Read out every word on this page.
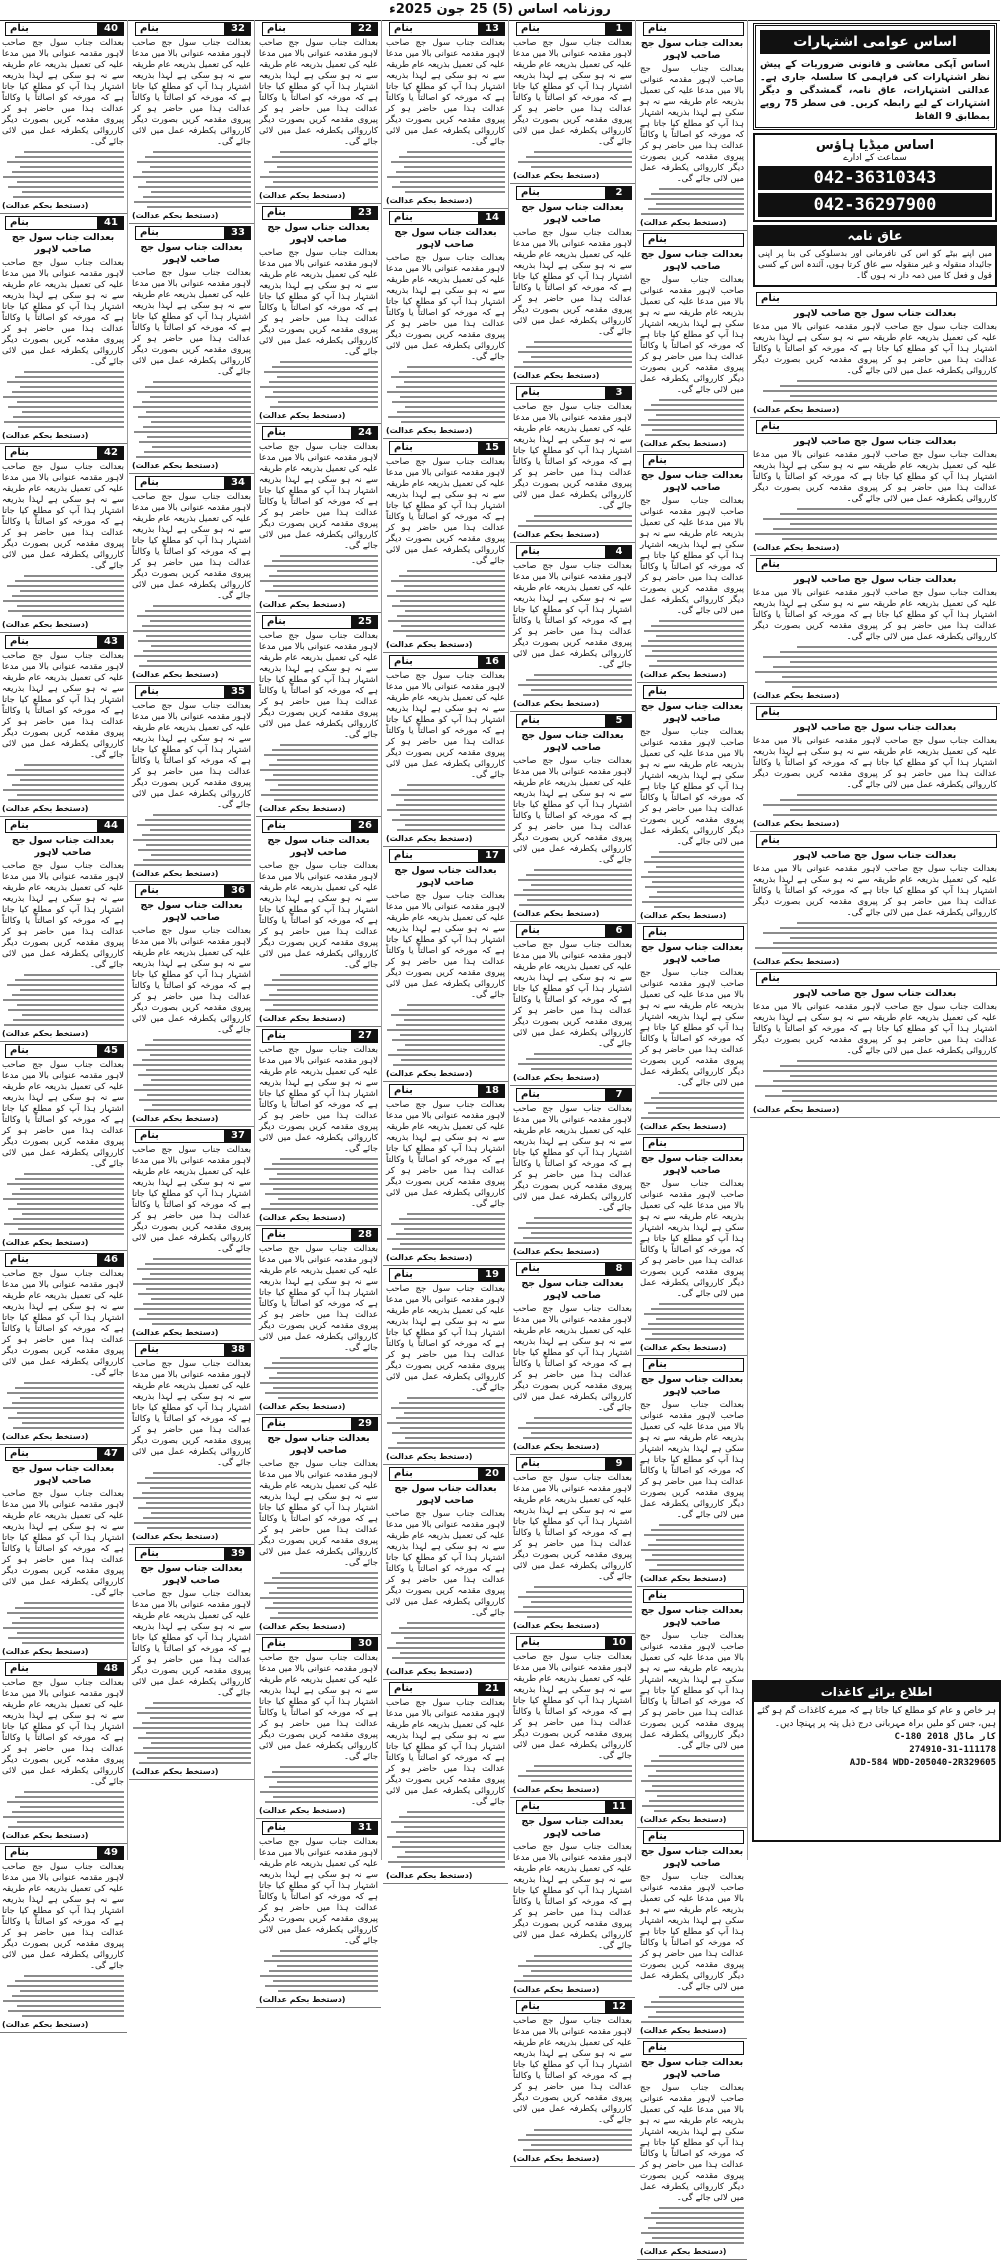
روزنامہ اساس (5) 25 جون 2025ء
اساس عوامی اشتہارات
اساس آپکی معاشی و قانونی ضروریات کے پیش نظر اشتہارات کی فراہمی کا سلسلہ جاری ہے۔ عدالتی اشتہارات، عاق نامہ، گمشدگی و دیگر اشتہارات کے لیے رابطہ کریں۔ فی سطر 75 روپے بمطابق 9 الفاظ
اساس میڈیا ہاؤس
سماعت کے ادارے
042-36310343
042-36297900
عاق نامہ
میں اپنے بیٹے کو اس کی نافرمانی اور بدسلوکی کی بنا پر اپنی جائیداد منقولہ و غیر منقولہ سے عاق کرتا ہوں، آئندہ اس کے کسی قول و فعل کا میں ذمہ دار نہ ہوں گا۔
بنام
بعدالت جناب سول جج صاحب لاہور
بعدالت جناب سول جج صاحب لاہور مقدمہ عنوانی بالا میں مدعا علیہ کی تعمیل بذریعہ عام طریقہ سے نہ ہو سکی ہے لہذا بذریعہ اشتہار ہذا آپ کو مطلع کیا جاتا ہے کہ مورخہ کو اصالتاً یا وکالتاً عدالت ہذا میں حاضر ہو کر پیروی مقدمہ کریں بصورت دیگر کارروائی یکطرفہ عمل میں لائی جائے گی۔
(دستخط بحکم عدالت)
بنام
بعدالت جناب سول جج صاحب لاہور
بعدالت جناب سول جج صاحب لاہور مقدمہ عنوانی بالا میں مدعا علیہ کی تعمیل بذریعہ عام طریقہ سے نہ ہو سکی ہے لہذا بذریعہ اشتہار ہذا آپ کو مطلع کیا جاتا ہے کہ مورخہ کو اصالتاً یا وکالتاً عدالت ہذا میں حاضر ہو کر پیروی مقدمہ کریں بصورت دیگر کارروائی یکطرفہ عمل میں لائی جائے گی۔
(دستخط بحکم عدالت)
بنام
بعدالت جناب سول جج صاحب لاہور
بعدالت جناب سول جج صاحب لاہور مقدمہ عنوانی بالا میں مدعا علیہ کی تعمیل بذریعہ عام طریقہ سے نہ ہو سکی ہے لہذا بذریعہ اشتہار ہذا آپ کو مطلع کیا جاتا ہے کہ مورخہ کو اصالتاً یا وکالتاً عدالت ہذا میں حاضر ہو کر پیروی مقدمہ کریں بصورت دیگر کارروائی یکطرفہ عمل میں لائی جائے گی۔
(دستخط بحکم عدالت)
بنام
بعدالت جناب سول جج صاحب لاہور
بعدالت جناب سول جج صاحب لاہور مقدمہ عنوانی بالا میں مدعا علیہ کی تعمیل بذریعہ عام طریقہ سے نہ ہو سکی ہے لہذا بذریعہ اشتہار ہذا آپ کو مطلع کیا جاتا ہے کہ مورخہ کو اصالتاً یا وکالتاً عدالت ہذا میں حاضر ہو کر پیروی مقدمہ کریں بصورت دیگر کارروائی یکطرفہ عمل میں لائی جائے گی۔
(دستخط بحکم عدالت)
بنام
بعدالت جناب سول جج صاحب لاہور
بعدالت جناب سول جج صاحب لاہور مقدمہ عنوانی بالا میں مدعا علیہ کی تعمیل بذریعہ عام طریقہ سے نہ ہو سکی ہے لہذا بذریعہ اشتہار ہذا آپ کو مطلع کیا جاتا ہے کہ مورخہ کو اصالتاً یا وکالتاً عدالت ہذا میں حاضر ہو کر پیروی مقدمہ کریں بصورت دیگر کارروائی یکطرفہ عمل میں لائی جائے گی۔
(دستخط بحکم عدالت)
بنام
بعدالت جناب سول جج صاحب لاہور
بعدالت جناب سول جج صاحب لاہور مقدمہ عنوانی بالا میں مدعا علیہ کی تعمیل بذریعہ عام طریقہ سے نہ ہو سکی ہے لہذا بذریعہ اشتہار ہذا آپ کو مطلع کیا جاتا ہے کہ مورخہ کو اصالتاً یا وکالتاً عدالت ہذا میں حاضر ہو کر پیروی مقدمہ کریں بصورت دیگر کارروائی یکطرفہ عمل میں لائی جائے گی۔
(دستخط بحکم عدالت)
بنام
بعدالت جناب سول جج صاحب لاہور
بعدالت جناب سول جج صاحب لاہور مقدمہ عنوانی بالا میں مدعا علیہ کی تعمیل بذریعہ عام طریقہ سے نہ ہو سکی ہے لہذا بذریعہ اشتہار ہذا آپ کو مطلع کیا جاتا ہے کہ مورخہ کو اصالتاً یا وکالتاً عدالت ہذا میں حاضر ہو کر پیروی مقدمہ کریں بصورت دیگر کارروائی یکطرفہ عمل میں لائی جائے گی۔
(دستخط بحکم عدالت)
بنام
بعدالت جناب سول جج صاحب لاہور
بعدالت جناب سول جج صاحب لاہور مقدمہ عنوانی بالا میں مدعا علیہ کی تعمیل بذریعہ عام طریقہ سے نہ ہو سکی ہے لہذا بذریعہ اشتہار ہذا آپ کو مطلع کیا جاتا ہے کہ مورخہ کو اصالتاً یا وکالتاً عدالت ہذا میں حاضر ہو کر پیروی مقدمہ کریں بصورت دیگر کارروائی یکطرفہ عمل میں لائی جائے گی۔
(دستخط بحکم عدالت)
بنام
بعدالت جناب سول جج صاحب لاہور
بعدالت جناب سول جج صاحب لاہور مقدمہ عنوانی بالا میں مدعا علیہ کی تعمیل بذریعہ عام طریقہ سے نہ ہو سکی ہے لہذا بذریعہ اشتہار ہذا آپ کو مطلع کیا جاتا ہے کہ مورخہ کو اصالتاً یا وکالتاً عدالت ہذا میں حاضر ہو کر پیروی مقدمہ کریں بصورت دیگر کارروائی یکطرفہ عمل میں لائی جائے گی۔
(دستخط بحکم عدالت)
بنام
بعدالت جناب سول جج صاحب لاہور
بعدالت جناب سول جج صاحب لاہور مقدمہ عنوانی بالا میں مدعا علیہ کی تعمیل بذریعہ عام طریقہ سے نہ ہو سکی ہے لہذا بذریعہ اشتہار ہذا آپ کو مطلع کیا جاتا ہے کہ مورخہ کو اصالتاً یا وکالتاً عدالت ہذا میں حاضر ہو کر پیروی مقدمہ کریں بصورت دیگر کارروائی یکطرفہ عمل میں لائی جائے گی۔
(دستخط بحکم عدالت)
بنام
بعدالت جناب سول جج صاحب لاہور
بعدالت جناب سول جج صاحب لاہور مقدمہ عنوانی بالا میں مدعا علیہ کی تعمیل بذریعہ عام طریقہ سے نہ ہو سکی ہے لہذا بذریعہ اشتہار ہذا آپ کو مطلع کیا جاتا ہے کہ مورخہ کو اصالتاً یا وکالتاً عدالت ہذا میں حاضر ہو کر پیروی مقدمہ کریں بصورت دیگر کارروائی یکطرفہ عمل میں لائی جائے گی۔
(دستخط بحکم عدالت)
بنام
بعدالت جناب سول جج صاحب لاہور
بعدالت جناب سول جج صاحب لاہور مقدمہ عنوانی بالا میں مدعا علیہ کی تعمیل بذریعہ عام طریقہ سے نہ ہو سکی ہے لہذا بذریعہ اشتہار ہذا آپ کو مطلع کیا جاتا ہے کہ مورخہ کو اصالتاً یا وکالتاً عدالت ہذا میں حاضر ہو کر پیروی مقدمہ کریں بصورت دیگر کارروائی یکطرفہ عمل میں لائی جائے گی۔
(دستخط بحکم عدالت)
بنام
بعدالت جناب سول جج صاحب لاہور
بعدالت جناب سول جج صاحب لاہور مقدمہ عنوانی بالا میں مدعا علیہ کی تعمیل بذریعہ عام طریقہ سے نہ ہو سکی ہے لہذا بذریعہ اشتہار ہذا آپ کو مطلع کیا جاتا ہے کہ مورخہ کو اصالتاً یا وکالتاً عدالت ہذا میں حاضر ہو کر پیروی مقدمہ کریں بصورت دیگر کارروائی یکطرفہ عمل میں لائی جائے گی۔
(دستخط بحکم عدالت)
بنام
بعدالت جناب سول جج صاحب لاہور
بعدالت جناب سول جج صاحب لاہور مقدمہ عنوانی بالا میں مدعا علیہ کی تعمیل بذریعہ عام طریقہ سے نہ ہو سکی ہے لہذا بذریعہ اشتہار ہذا آپ کو مطلع کیا جاتا ہے کہ مورخہ کو اصالتاً یا وکالتاً عدالت ہذا میں حاضر ہو کر پیروی مقدمہ کریں بصورت دیگر کارروائی یکطرفہ عمل میں لائی جائے گی۔
(دستخط بحکم عدالت)
بنام
بعدالت جناب سول جج صاحب لاہور
بعدالت جناب سول جج صاحب لاہور مقدمہ عنوانی بالا میں مدعا علیہ کی تعمیل بذریعہ عام طریقہ سے نہ ہو سکی ہے لہذا بذریعہ اشتہار ہذا آپ کو مطلع کیا جاتا ہے کہ مورخہ کو اصالتاً یا وکالتاً عدالت ہذا میں حاضر ہو کر پیروی مقدمہ کریں بصورت دیگر کارروائی یکطرفہ عمل میں لائی جائے گی۔
(دستخط بحکم عدالت)
بنام
بعدالت جناب سول جج صاحب لاہور
بعدالت جناب سول جج صاحب لاہور مقدمہ عنوانی بالا میں مدعا علیہ کی تعمیل بذریعہ عام طریقہ سے نہ ہو سکی ہے لہذا بذریعہ اشتہار ہذا آپ کو مطلع کیا جاتا ہے کہ مورخہ کو اصالتاً یا وکالتاً عدالت ہذا میں حاضر ہو کر پیروی مقدمہ کریں بصورت دیگر کارروائی یکطرفہ عمل میں لائی جائے گی۔
(دستخط بحکم عدالت)
1
بنام
بعدالت جناب سول جج صاحب لاہور مقدمہ عنوانی بالا میں مدعا علیہ کی تعمیل بذریعہ عام طریقہ سے نہ ہو سکی ہے لہذا بذریعہ اشتہار ہذا آپ کو مطلع کیا جاتا ہے کہ مورخہ کو اصالتاً یا وکالتاً عدالت ہذا میں حاضر ہو کر پیروی مقدمہ کریں بصورت دیگر کارروائی یکطرفہ عمل میں لائی جائے گی۔
(دستخط بحکم عدالت)
2
بنام
بعدالت جناب سول جج صاحب لاہور
بعدالت جناب سول جج صاحب لاہور مقدمہ عنوانی بالا میں مدعا علیہ کی تعمیل بذریعہ عام طریقہ سے نہ ہو سکی ہے لہذا بذریعہ اشتہار ہذا آپ کو مطلع کیا جاتا ہے کہ مورخہ کو اصالتاً یا وکالتاً عدالت ہذا میں حاضر ہو کر پیروی مقدمہ کریں بصورت دیگر کارروائی یکطرفہ عمل میں لائی جائے گی۔
(دستخط بحکم عدالت)
3
بنام
بعدالت جناب سول جج صاحب لاہور مقدمہ عنوانی بالا میں مدعا علیہ کی تعمیل بذریعہ عام طریقہ سے نہ ہو سکی ہے لہذا بذریعہ اشتہار ہذا آپ کو مطلع کیا جاتا ہے کہ مورخہ کو اصالتاً یا وکالتاً عدالت ہذا میں حاضر ہو کر پیروی مقدمہ کریں بصورت دیگر کارروائی یکطرفہ عمل میں لائی جائے گی۔
(دستخط بحکم عدالت)
4
بنام
بعدالت جناب سول جج صاحب لاہور مقدمہ عنوانی بالا میں مدعا علیہ کی تعمیل بذریعہ عام طریقہ سے نہ ہو سکی ہے لہذا بذریعہ اشتہار ہذا آپ کو مطلع کیا جاتا ہے کہ مورخہ کو اصالتاً یا وکالتاً عدالت ہذا میں حاضر ہو کر پیروی مقدمہ کریں بصورت دیگر کارروائی یکطرفہ عمل میں لائی جائے گی۔
(دستخط بحکم عدالت)
5
بنام
بعدالت جناب سول جج صاحب لاہور
بعدالت جناب سول جج صاحب لاہور مقدمہ عنوانی بالا میں مدعا علیہ کی تعمیل بذریعہ عام طریقہ سے نہ ہو سکی ہے لہذا بذریعہ اشتہار ہذا آپ کو مطلع کیا جاتا ہے کہ مورخہ کو اصالتاً یا وکالتاً عدالت ہذا میں حاضر ہو کر پیروی مقدمہ کریں بصورت دیگر کارروائی یکطرفہ عمل میں لائی جائے گی۔
(دستخط بحکم عدالت)
6
بنام
بعدالت جناب سول جج صاحب لاہور مقدمہ عنوانی بالا میں مدعا علیہ کی تعمیل بذریعہ عام طریقہ سے نہ ہو سکی ہے لہذا بذریعہ اشتہار ہذا آپ کو مطلع کیا جاتا ہے کہ مورخہ کو اصالتاً یا وکالتاً عدالت ہذا میں حاضر ہو کر پیروی مقدمہ کریں بصورت دیگر کارروائی یکطرفہ عمل میں لائی جائے گی۔
(دستخط بحکم عدالت)
7
بنام
بعدالت جناب سول جج صاحب لاہور مقدمہ عنوانی بالا میں مدعا علیہ کی تعمیل بذریعہ عام طریقہ سے نہ ہو سکی ہے لہذا بذریعہ اشتہار ہذا آپ کو مطلع کیا جاتا ہے کہ مورخہ کو اصالتاً یا وکالتاً عدالت ہذا میں حاضر ہو کر پیروی مقدمہ کریں بصورت دیگر کارروائی یکطرفہ عمل میں لائی جائے گی۔
(دستخط بحکم عدالت)
8
بنام
بعدالت جناب سول جج صاحب لاہور
بعدالت جناب سول جج صاحب لاہور مقدمہ عنوانی بالا میں مدعا علیہ کی تعمیل بذریعہ عام طریقہ سے نہ ہو سکی ہے لہذا بذریعہ اشتہار ہذا آپ کو مطلع کیا جاتا ہے کہ مورخہ کو اصالتاً یا وکالتاً عدالت ہذا میں حاضر ہو کر پیروی مقدمہ کریں بصورت دیگر کارروائی یکطرفہ عمل میں لائی جائے گی۔
(دستخط بحکم عدالت)
9
بنام
بعدالت جناب سول جج صاحب لاہور مقدمہ عنوانی بالا میں مدعا علیہ کی تعمیل بذریعہ عام طریقہ سے نہ ہو سکی ہے لہذا بذریعہ اشتہار ہذا آپ کو مطلع کیا جاتا ہے کہ مورخہ کو اصالتاً یا وکالتاً عدالت ہذا میں حاضر ہو کر پیروی مقدمہ کریں بصورت دیگر کارروائی یکطرفہ عمل میں لائی جائے گی۔
(دستخط بحکم عدالت)
10
بنام
بعدالت جناب سول جج صاحب لاہور مقدمہ عنوانی بالا میں مدعا علیہ کی تعمیل بذریعہ عام طریقہ سے نہ ہو سکی ہے لہذا بذریعہ اشتہار ہذا آپ کو مطلع کیا جاتا ہے کہ مورخہ کو اصالتاً یا وکالتاً عدالت ہذا میں حاضر ہو کر پیروی مقدمہ کریں بصورت دیگر کارروائی یکطرفہ عمل میں لائی جائے گی۔
(دستخط بحکم عدالت)
11
بنام
بعدالت جناب سول جج صاحب لاہور
بعدالت جناب سول جج صاحب لاہور مقدمہ عنوانی بالا میں مدعا علیہ کی تعمیل بذریعہ عام طریقہ سے نہ ہو سکی ہے لہذا بذریعہ اشتہار ہذا آپ کو مطلع کیا جاتا ہے کہ مورخہ کو اصالتاً یا وکالتاً عدالت ہذا میں حاضر ہو کر پیروی مقدمہ کریں بصورت دیگر کارروائی یکطرفہ عمل میں لائی جائے گی۔
(دستخط بحکم عدالت)
12
بنام
بعدالت جناب سول جج صاحب لاہور مقدمہ عنوانی بالا میں مدعا علیہ کی تعمیل بذریعہ عام طریقہ سے نہ ہو سکی ہے لہذا بذریعہ اشتہار ہذا آپ کو مطلع کیا جاتا ہے کہ مورخہ کو اصالتاً یا وکالتاً عدالت ہذا میں حاضر ہو کر پیروی مقدمہ کریں بصورت دیگر کارروائی یکطرفہ عمل میں لائی جائے گی۔
(دستخط بحکم عدالت)
13
بنام
بعدالت جناب سول جج صاحب لاہور مقدمہ عنوانی بالا میں مدعا علیہ کی تعمیل بذریعہ عام طریقہ سے نہ ہو سکی ہے لہذا بذریعہ اشتہار ہذا آپ کو مطلع کیا جاتا ہے کہ مورخہ کو اصالتاً یا وکالتاً عدالت ہذا میں حاضر ہو کر پیروی مقدمہ کریں بصورت دیگر کارروائی یکطرفہ عمل میں لائی جائے گی۔
(دستخط بحکم عدالت)
14
بنام
بعدالت جناب سول جج صاحب لاہور
بعدالت جناب سول جج صاحب لاہور مقدمہ عنوانی بالا میں مدعا علیہ کی تعمیل بذریعہ عام طریقہ سے نہ ہو سکی ہے لہذا بذریعہ اشتہار ہذا آپ کو مطلع کیا جاتا ہے کہ مورخہ کو اصالتاً یا وکالتاً عدالت ہذا میں حاضر ہو کر پیروی مقدمہ کریں بصورت دیگر کارروائی یکطرفہ عمل میں لائی جائے گی۔
(دستخط بحکم عدالت)
15
بنام
بعدالت جناب سول جج صاحب لاہور مقدمہ عنوانی بالا میں مدعا علیہ کی تعمیل بذریعہ عام طریقہ سے نہ ہو سکی ہے لہذا بذریعہ اشتہار ہذا آپ کو مطلع کیا جاتا ہے کہ مورخہ کو اصالتاً یا وکالتاً عدالت ہذا میں حاضر ہو کر پیروی مقدمہ کریں بصورت دیگر کارروائی یکطرفہ عمل میں لائی جائے گی۔
(دستخط بحکم عدالت)
16
بنام
بعدالت جناب سول جج صاحب لاہور مقدمہ عنوانی بالا میں مدعا علیہ کی تعمیل بذریعہ عام طریقہ سے نہ ہو سکی ہے لہذا بذریعہ اشتہار ہذا آپ کو مطلع کیا جاتا ہے کہ مورخہ کو اصالتاً یا وکالتاً عدالت ہذا میں حاضر ہو کر پیروی مقدمہ کریں بصورت دیگر کارروائی یکطرفہ عمل میں لائی جائے گی۔
(دستخط بحکم عدالت)
17
بنام
بعدالت جناب سول جج صاحب لاہور
بعدالت جناب سول جج صاحب لاہور مقدمہ عنوانی بالا میں مدعا علیہ کی تعمیل بذریعہ عام طریقہ سے نہ ہو سکی ہے لہذا بذریعہ اشتہار ہذا آپ کو مطلع کیا جاتا ہے کہ مورخہ کو اصالتاً یا وکالتاً عدالت ہذا میں حاضر ہو کر پیروی مقدمہ کریں بصورت دیگر کارروائی یکطرفہ عمل میں لائی جائے گی۔
(دستخط بحکم عدالت)
18
بنام
بعدالت جناب سول جج صاحب لاہور مقدمہ عنوانی بالا میں مدعا علیہ کی تعمیل بذریعہ عام طریقہ سے نہ ہو سکی ہے لہذا بذریعہ اشتہار ہذا آپ کو مطلع کیا جاتا ہے کہ مورخہ کو اصالتاً یا وکالتاً عدالت ہذا میں حاضر ہو کر پیروی مقدمہ کریں بصورت دیگر کارروائی یکطرفہ عمل میں لائی جائے گی۔
(دستخط بحکم عدالت)
19
بنام
بعدالت جناب سول جج صاحب لاہور مقدمہ عنوانی بالا میں مدعا علیہ کی تعمیل بذریعہ عام طریقہ سے نہ ہو سکی ہے لہذا بذریعہ اشتہار ہذا آپ کو مطلع کیا جاتا ہے کہ مورخہ کو اصالتاً یا وکالتاً عدالت ہذا میں حاضر ہو کر پیروی مقدمہ کریں بصورت دیگر کارروائی یکطرفہ عمل میں لائی جائے گی۔
(دستخط بحکم عدالت)
20
بنام
بعدالت جناب سول جج صاحب لاہور
بعدالت جناب سول جج صاحب لاہور مقدمہ عنوانی بالا میں مدعا علیہ کی تعمیل بذریعہ عام طریقہ سے نہ ہو سکی ہے لہذا بذریعہ اشتہار ہذا آپ کو مطلع کیا جاتا ہے کہ مورخہ کو اصالتاً یا وکالتاً عدالت ہذا میں حاضر ہو کر پیروی مقدمہ کریں بصورت دیگر کارروائی یکطرفہ عمل میں لائی جائے گی۔
(دستخط بحکم عدالت)
21
بنام
بعدالت جناب سول جج صاحب لاہور مقدمہ عنوانی بالا میں مدعا علیہ کی تعمیل بذریعہ عام طریقہ سے نہ ہو سکی ہے لہذا بذریعہ اشتہار ہذا آپ کو مطلع کیا جاتا ہے کہ مورخہ کو اصالتاً یا وکالتاً عدالت ہذا میں حاضر ہو کر پیروی مقدمہ کریں بصورت دیگر کارروائی یکطرفہ عمل میں لائی جائے گی۔
(دستخط بحکم عدالت)
22
بنام
بعدالت جناب سول جج صاحب لاہور مقدمہ عنوانی بالا میں مدعا علیہ کی تعمیل بذریعہ عام طریقہ سے نہ ہو سکی ہے لہذا بذریعہ اشتہار ہذا آپ کو مطلع کیا جاتا ہے کہ مورخہ کو اصالتاً یا وکالتاً عدالت ہذا میں حاضر ہو کر پیروی مقدمہ کریں بصورت دیگر کارروائی یکطرفہ عمل میں لائی جائے گی۔
(دستخط بحکم عدالت)
23
بنام
بعدالت جناب سول جج صاحب لاہور
بعدالت جناب سول جج صاحب لاہور مقدمہ عنوانی بالا میں مدعا علیہ کی تعمیل بذریعہ عام طریقہ سے نہ ہو سکی ہے لہذا بذریعہ اشتہار ہذا آپ کو مطلع کیا جاتا ہے کہ مورخہ کو اصالتاً یا وکالتاً عدالت ہذا میں حاضر ہو کر پیروی مقدمہ کریں بصورت دیگر کارروائی یکطرفہ عمل میں لائی جائے گی۔
(دستخط بحکم عدالت)
24
بنام
بعدالت جناب سول جج صاحب لاہور مقدمہ عنوانی بالا میں مدعا علیہ کی تعمیل بذریعہ عام طریقہ سے نہ ہو سکی ہے لہذا بذریعہ اشتہار ہذا آپ کو مطلع کیا جاتا ہے کہ مورخہ کو اصالتاً یا وکالتاً عدالت ہذا میں حاضر ہو کر پیروی مقدمہ کریں بصورت دیگر کارروائی یکطرفہ عمل میں لائی جائے گی۔
(دستخط بحکم عدالت)
25
بنام
بعدالت جناب سول جج صاحب لاہور مقدمہ عنوانی بالا میں مدعا علیہ کی تعمیل بذریعہ عام طریقہ سے نہ ہو سکی ہے لہذا بذریعہ اشتہار ہذا آپ کو مطلع کیا جاتا ہے کہ مورخہ کو اصالتاً یا وکالتاً عدالت ہذا میں حاضر ہو کر پیروی مقدمہ کریں بصورت دیگر کارروائی یکطرفہ عمل میں لائی جائے گی۔
(دستخط بحکم عدالت)
26
بنام
بعدالت جناب سول جج صاحب لاہور
بعدالت جناب سول جج صاحب لاہور مقدمہ عنوانی بالا میں مدعا علیہ کی تعمیل بذریعہ عام طریقہ سے نہ ہو سکی ہے لہذا بذریعہ اشتہار ہذا آپ کو مطلع کیا جاتا ہے کہ مورخہ کو اصالتاً یا وکالتاً عدالت ہذا میں حاضر ہو کر پیروی مقدمہ کریں بصورت دیگر کارروائی یکطرفہ عمل میں لائی جائے گی۔
(دستخط بحکم عدالت)
27
بنام
بعدالت جناب سول جج صاحب لاہور مقدمہ عنوانی بالا میں مدعا علیہ کی تعمیل بذریعہ عام طریقہ سے نہ ہو سکی ہے لہذا بذریعہ اشتہار ہذا آپ کو مطلع کیا جاتا ہے کہ مورخہ کو اصالتاً یا وکالتاً عدالت ہذا میں حاضر ہو کر پیروی مقدمہ کریں بصورت دیگر کارروائی یکطرفہ عمل میں لائی جائے گی۔
(دستخط بحکم عدالت)
28
بنام
بعدالت جناب سول جج صاحب لاہور مقدمہ عنوانی بالا میں مدعا علیہ کی تعمیل بذریعہ عام طریقہ سے نہ ہو سکی ہے لہذا بذریعہ اشتہار ہذا آپ کو مطلع کیا جاتا ہے کہ مورخہ کو اصالتاً یا وکالتاً عدالت ہذا میں حاضر ہو کر پیروی مقدمہ کریں بصورت دیگر کارروائی یکطرفہ عمل میں لائی جائے گی۔
(دستخط بحکم عدالت)
29
بنام
بعدالت جناب سول جج صاحب لاہور
بعدالت جناب سول جج صاحب لاہور مقدمہ عنوانی بالا میں مدعا علیہ کی تعمیل بذریعہ عام طریقہ سے نہ ہو سکی ہے لہذا بذریعہ اشتہار ہذا آپ کو مطلع کیا جاتا ہے کہ مورخہ کو اصالتاً یا وکالتاً عدالت ہذا میں حاضر ہو کر پیروی مقدمہ کریں بصورت دیگر کارروائی یکطرفہ عمل میں لائی جائے گی۔
(دستخط بحکم عدالت)
30
بنام
بعدالت جناب سول جج صاحب لاہور مقدمہ عنوانی بالا میں مدعا علیہ کی تعمیل بذریعہ عام طریقہ سے نہ ہو سکی ہے لہذا بذریعہ اشتہار ہذا آپ کو مطلع کیا جاتا ہے کہ مورخہ کو اصالتاً یا وکالتاً عدالت ہذا میں حاضر ہو کر پیروی مقدمہ کریں بصورت دیگر کارروائی یکطرفہ عمل میں لائی جائے گی۔
(دستخط بحکم عدالت)
31
بنام
بعدالت جناب سول جج صاحب لاہور مقدمہ عنوانی بالا میں مدعا علیہ کی تعمیل بذریعہ عام طریقہ سے نہ ہو سکی ہے لہذا بذریعہ اشتہار ہذا آپ کو مطلع کیا جاتا ہے کہ مورخہ کو اصالتاً یا وکالتاً عدالت ہذا میں حاضر ہو کر پیروی مقدمہ کریں بصورت دیگر کارروائی یکطرفہ عمل میں لائی جائے گی۔
(دستخط بحکم عدالت)
32
بنام
بعدالت جناب سول جج صاحب لاہور مقدمہ عنوانی بالا میں مدعا علیہ کی تعمیل بذریعہ عام طریقہ سے نہ ہو سکی ہے لہذا بذریعہ اشتہار ہذا آپ کو مطلع کیا جاتا ہے کہ مورخہ کو اصالتاً یا وکالتاً عدالت ہذا میں حاضر ہو کر پیروی مقدمہ کریں بصورت دیگر کارروائی یکطرفہ عمل میں لائی جائے گی۔
(دستخط بحکم عدالت)
33
بنام
بعدالت جناب سول جج صاحب لاہور
بعدالت جناب سول جج صاحب لاہور مقدمہ عنوانی بالا میں مدعا علیہ کی تعمیل بذریعہ عام طریقہ سے نہ ہو سکی ہے لہذا بذریعہ اشتہار ہذا آپ کو مطلع کیا جاتا ہے کہ مورخہ کو اصالتاً یا وکالتاً عدالت ہذا میں حاضر ہو کر پیروی مقدمہ کریں بصورت دیگر کارروائی یکطرفہ عمل میں لائی جائے گی۔
(دستخط بحکم عدالت)
34
بنام
بعدالت جناب سول جج صاحب لاہور مقدمہ عنوانی بالا میں مدعا علیہ کی تعمیل بذریعہ عام طریقہ سے نہ ہو سکی ہے لہذا بذریعہ اشتہار ہذا آپ کو مطلع کیا جاتا ہے کہ مورخہ کو اصالتاً یا وکالتاً عدالت ہذا میں حاضر ہو کر پیروی مقدمہ کریں بصورت دیگر کارروائی یکطرفہ عمل میں لائی جائے گی۔
(دستخط بحکم عدالت)
35
بنام
بعدالت جناب سول جج صاحب لاہور مقدمہ عنوانی بالا میں مدعا علیہ کی تعمیل بذریعہ عام طریقہ سے نہ ہو سکی ہے لہذا بذریعہ اشتہار ہذا آپ کو مطلع کیا جاتا ہے کہ مورخہ کو اصالتاً یا وکالتاً عدالت ہذا میں حاضر ہو کر پیروی مقدمہ کریں بصورت دیگر کارروائی یکطرفہ عمل میں لائی جائے گی۔
(دستخط بحکم عدالت)
36
بنام
بعدالت جناب سول جج صاحب لاہور
بعدالت جناب سول جج صاحب لاہور مقدمہ عنوانی بالا میں مدعا علیہ کی تعمیل بذریعہ عام طریقہ سے نہ ہو سکی ہے لہذا بذریعہ اشتہار ہذا آپ کو مطلع کیا جاتا ہے کہ مورخہ کو اصالتاً یا وکالتاً عدالت ہذا میں حاضر ہو کر پیروی مقدمہ کریں بصورت دیگر کارروائی یکطرفہ عمل میں لائی جائے گی۔
(دستخط بحکم عدالت)
37
بنام
بعدالت جناب سول جج صاحب لاہور مقدمہ عنوانی بالا میں مدعا علیہ کی تعمیل بذریعہ عام طریقہ سے نہ ہو سکی ہے لہذا بذریعہ اشتہار ہذا آپ کو مطلع کیا جاتا ہے کہ مورخہ کو اصالتاً یا وکالتاً عدالت ہذا میں حاضر ہو کر پیروی مقدمہ کریں بصورت دیگر کارروائی یکطرفہ عمل میں لائی جائے گی۔
(دستخط بحکم عدالت)
38
بنام
بعدالت جناب سول جج صاحب لاہور مقدمہ عنوانی بالا میں مدعا علیہ کی تعمیل بذریعہ عام طریقہ سے نہ ہو سکی ہے لہذا بذریعہ اشتہار ہذا آپ کو مطلع کیا جاتا ہے کہ مورخہ کو اصالتاً یا وکالتاً عدالت ہذا میں حاضر ہو کر پیروی مقدمہ کریں بصورت دیگر کارروائی یکطرفہ عمل میں لائی جائے گی۔
(دستخط بحکم عدالت)
39
بنام
بعدالت جناب سول جج صاحب لاہور
بعدالت جناب سول جج صاحب لاہور مقدمہ عنوانی بالا میں مدعا علیہ کی تعمیل بذریعہ عام طریقہ سے نہ ہو سکی ہے لہذا بذریعہ اشتہار ہذا آپ کو مطلع کیا جاتا ہے کہ مورخہ کو اصالتاً یا وکالتاً عدالت ہذا میں حاضر ہو کر پیروی مقدمہ کریں بصورت دیگر کارروائی یکطرفہ عمل میں لائی جائے گی۔
(دستخط بحکم عدالت)
40
بنام
بعدالت جناب سول جج صاحب لاہور مقدمہ عنوانی بالا میں مدعا علیہ کی تعمیل بذریعہ عام طریقہ سے نہ ہو سکی ہے لہذا بذریعہ اشتہار ہذا آپ کو مطلع کیا جاتا ہے کہ مورخہ کو اصالتاً یا وکالتاً عدالت ہذا میں حاضر ہو کر پیروی مقدمہ کریں بصورت دیگر کارروائی یکطرفہ عمل میں لائی جائے گی۔
(دستخط بحکم عدالت)
41
بنام
بعدالت جناب سول جج صاحب لاہور
بعدالت جناب سول جج صاحب لاہور مقدمہ عنوانی بالا میں مدعا علیہ کی تعمیل بذریعہ عام طریقہ سے نہ ہو سکی ہے لہذا بذریعہ اشتہار ہذا آپ کو مطلع کیا جاتا ہے کہ مورخہ کو اصالتاً یا وکالتاً عدالت ہذا میں حاضر ہو کر پیروی مقدمہ کریں بصورت دیگر کارروائی یکطرفہ عمل میں لائی جائے گی۔
(دستخط بحکم عدالت)
42
بنام
بعدالت جناب سول جج صاحب لاہور مقدمہ عنوانی بالا میں مدعا علیہ کی تعمیل بذریعہ عام طریقہ سے نہ ہو سکی ہے لہذا بذریعہ اشتہار ہذا آپ کو مطلع کیا جاتا ہے کہ مورخہ کو اصالتاً یا وکالتاً عدالت ہذا میں حاضر ہو کر پیروی مقدمہ کریں بصورت دیگر کارروائی یکطرفہ عمل میں لائی جائے گی۔
(دستخط بحکم عدالت)
43
بنام
بعدالت جناب سول جج صاحب لاہور مقدمہ عنوانی بالا میں مدعا علیہ کی تعمیل بذریعہ عام طریقہ سے نہ ہو سکی ہے لہذا بذریعہ اشتہار ہذا آپ کو مطلع کیا جاتا ہے کہ مورخہ کو اصالتاً یا وکالتاً عدالت ہذا میں حاضر ہو کر پیروی مقدمہ کریں بصورت دیگر کارروائی یکطرفہ عمل میں لائی جائے گی۔
(دستخط بحکم عدالت)
44
بنام
بعدالت جناب سول جج صاحب لاہور
بعدالت جناب سول جج صاحب لاہور مقدمہ عنوانی بالا میں مدعا علیہ کی تعمیل بذریعہ عام طریقہ سے نہ ہو سکی ہے لہذا بذریعہ اشتہار ہذا آپ کو مطلع کیا جاتا ہے کہ مورخہ کو اصالتاً یا وکالتاً عدالت ہذا میں حاضر ہو کر پیروی مقدمہ کریں بصورت دیگر کارروائی یکطرفہ عمل میں لائی جائے گی۔
(دستخط بحکم عدالت)
45
بنام
بعدالت جناب سول جج صاحب لاہور مقدمہ عنوانی بالا میں مدعا علیہ کی تعمیل بذریعہ عام طریقہ سے نہ ہو سکی ہے لہذا بذریعہ اشتہار ہذا آپ کو مطلع کیا جاتا ہے کہ مورخہ کو اصالتاً یا وکالتاً عدالت ہذا میں حاضر ہو کر پیروی مقدمہ کریں بصورت دیگر کارروائی یکطرفہ عمل میں لائی جائے گی۔
(دستخط بحکم عدالت)
46
بنام
بعدالت جناب سول جج صاحب لاہور مقدمہ عنوانی بالا میں مدعا علیہ کی تعمیل بذریعہ عام طریقہ سے نہ ہو سکی ہے لہذا بذریعہ اشتہار ہذا آپ کو مطلع کیا جاتا ہے کہ مورخہ کو اصالتاً یا وکالتاً عدالت ہذا میں حاضر ہو کر پیروی مقدمہ کریں بصورت دیگر کارروائی یکطرفہ عمل میں لائی جائے گی۔
(دستخط بحکم عدالت)
47
بنام
بعدالت جناب سول جج صاحب لاہور
بعدالت جناب سول جج صاحب لاہور مقدمہ عنوانی بالا میں مدعا علیہ کی تعمیل بذریعہ عام طریقہ سے نہ ہو سکی ہے لہذا بذریعہ اشتہار ہذا آپ کو مطلع کیا جاتا ہے کہ مورخہ کو اصالتاً یا وکالتاً عدالت ہذا میں حاضر ہو کر پیروی مقدمہ کریں بصورت دیگر کارروائی یکطرفہ عمل میں لائی جائے گی۔
(دستخط بحکم عدالت)
48
بنام
بعدالت جناب سول جج صاحب لاہور مقدمہ عنوانی بالا میں مدعا علیہ کی تعمیل بذریعہ عام طریقہ سے نہ ہو سکی ہے لہذا بذریعہ اشتہار ہذا آپ کو مطلع کیا جاتا ہے کہ مورخہ کو اصالتاً یا وکالتاً عدالت ہذا میں حاضر ہو کر پیروی مقدمہ کریں بصورت دیگر کارروائی یکطرفہ عمل میں لائی جائے گی۔
(دستخط بحکم عدالت)
49
بنام
بعدالت جناب سول جج صاحب لاہور مقدمہ عنوانی بالا میں مدعا علیہ کی تعمیل بذریعہ عام طریقہ سے نہ ہو سکی ہے لہذا بذریعہ اشتہار ہذا آپ کو مطلع کیا جاتا ہے کہ مورخہ کو اصالتاً یا وکالتاً عدالت ہذا میں حاضر ہو کر پیروی مقدمہ کریں بصورت دیگر کارروائی یکطرفہ عمل میں لائی جائے گی۔
(دستخط بحکم عدالت)
اطلاع برائے کاغذات
ہر خاص و عام کو مطلع کیا جاتا ہے کہ میرے کاغذات گم ہو گئے ہیں، جس کو ملیں براہ مہربانی درج ذیل پتہ پر پہنچا دیں۔
C-180 کار ماڈل 2018
274910-31-111178
AJD-584 WDD-205040-2R329605
